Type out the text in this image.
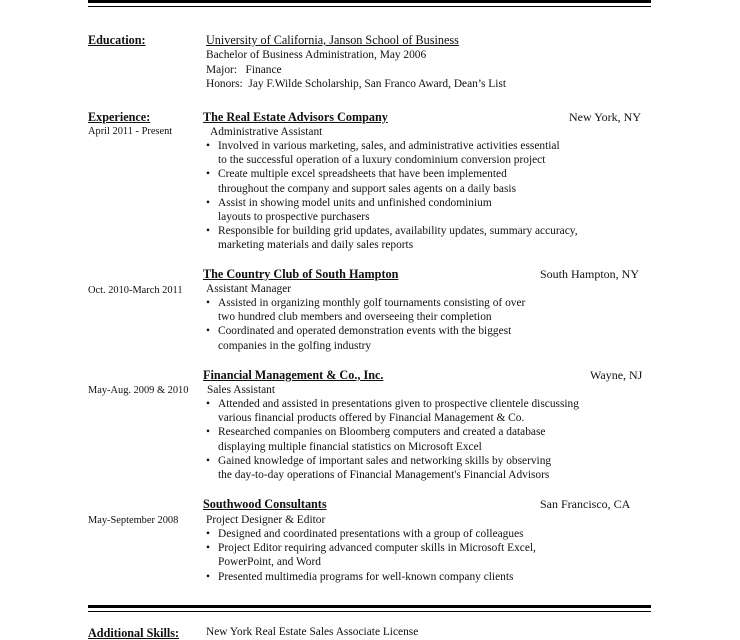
Education:	University of California, Janson School of Business
Bachelor of Business Administration, May 2006
Major:   Finance
Honors:  Jay F.Wilde Scholarship, San Franco Award, Dean’s List
Experience:	The Real Estate Advisors Company	New York, NY
April 2011 - Present	Administrative Assistant
• Involved in various marketing, sales, and administrative activities essential
to the successful operation of a luxury condominium conversion project
• Create multiple excel spreadsheets that have been implemented
throughout the company and support sales agents on a daily basis
• Assist in showing model units and unfinished condominium
layouts to prospective purchasers
• Responsible for building grid updates, availability updates, summary accuracy,
marketing materials and daily sales reports
The Country Club of South Hampton	South Hampton, NY
Oct. 2010-March 2011 Assistant Manager
• Assisted in organizing monthly golf tournaments consisting of over
two hundred club members and overseeing their completion
• Coordinated and operated demonstration events with the biggest
companies in the golfing industry
Financial Management & Co., Inc.	Wayne, NJ
May-Aug. 2009 & 2010 Sales Assistant
• Attended and assisted in presentations given to prospective clientele discussing
various financial products offered by Financial Management & Co.
• Researched companies on Bloomberg computers and created a database
displaying multiple financial statistics on Microsoft Excel
• Gained knowledge of important sales and networking skills by observing
the day-to-day operations of Financial Management's Financial Advisors
Southwood Consultants	San Francisco, CA
May-September 2008 Project Designer & Editor
• Designed and coordinated presentations with a group of colleagues
• Project Editor requiring advanced computer skills in Microsoft Excel,
PowerPoint, and Word
• Presented multimedia programs for well-known company clients
Additional Skills: New York Real Estate Sales Associate License
